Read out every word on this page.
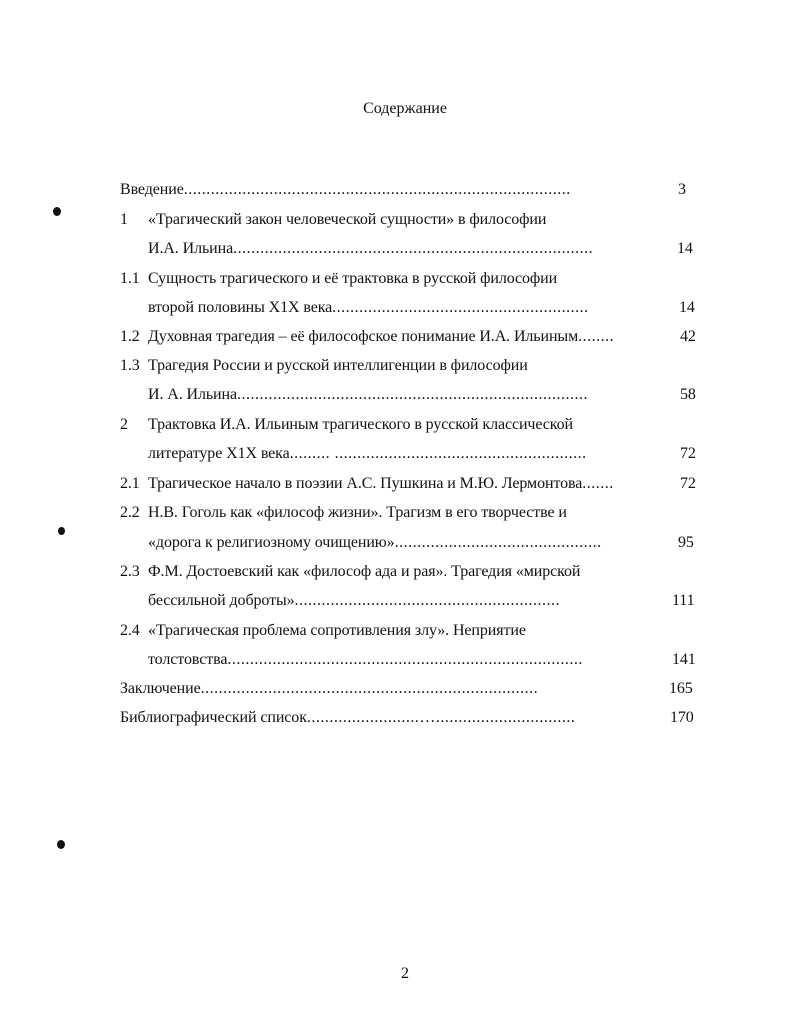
Содержание
Введение......................................................................................	3
1 «Трагический закон человеческой сущности» в философии
И.А. Ильина................................................................................	14
1.1 Сущность трагического и её трактовка в русской философии
второй половины Х1Х века.........................................................	14
1.2 Духовная трагедия – её философское понимание И.А. Ильиным........	42
1.3 Трагедия России и русской интеллигенции в философии
И. А. Ильина..............................................................................	58
2 Трактовка И.А. Ильиным трагического в русской классической
литературе Х1Х века......... ........................................................	72
2.1 Трагическое начало в поэзии А.С. Пушкина и М.Ю. Лермонтова.......	72
2.2 Н.В. Гоголь как «философ жизни». Трагизм в его творчестве и
«дорога к религиозному очищению»..............................................	95
2.3 Ф.М. Достоевский как «философ ада и рая». Трагедия «мирской
бессильной доброты»...........................................................	111
2.4 «Трагическая проблема сопротивления злу». Неприятие
толстовства...............................................................................	141
Заключение...........................................................................	165
Библиографический список.........................…...............................	170
2
